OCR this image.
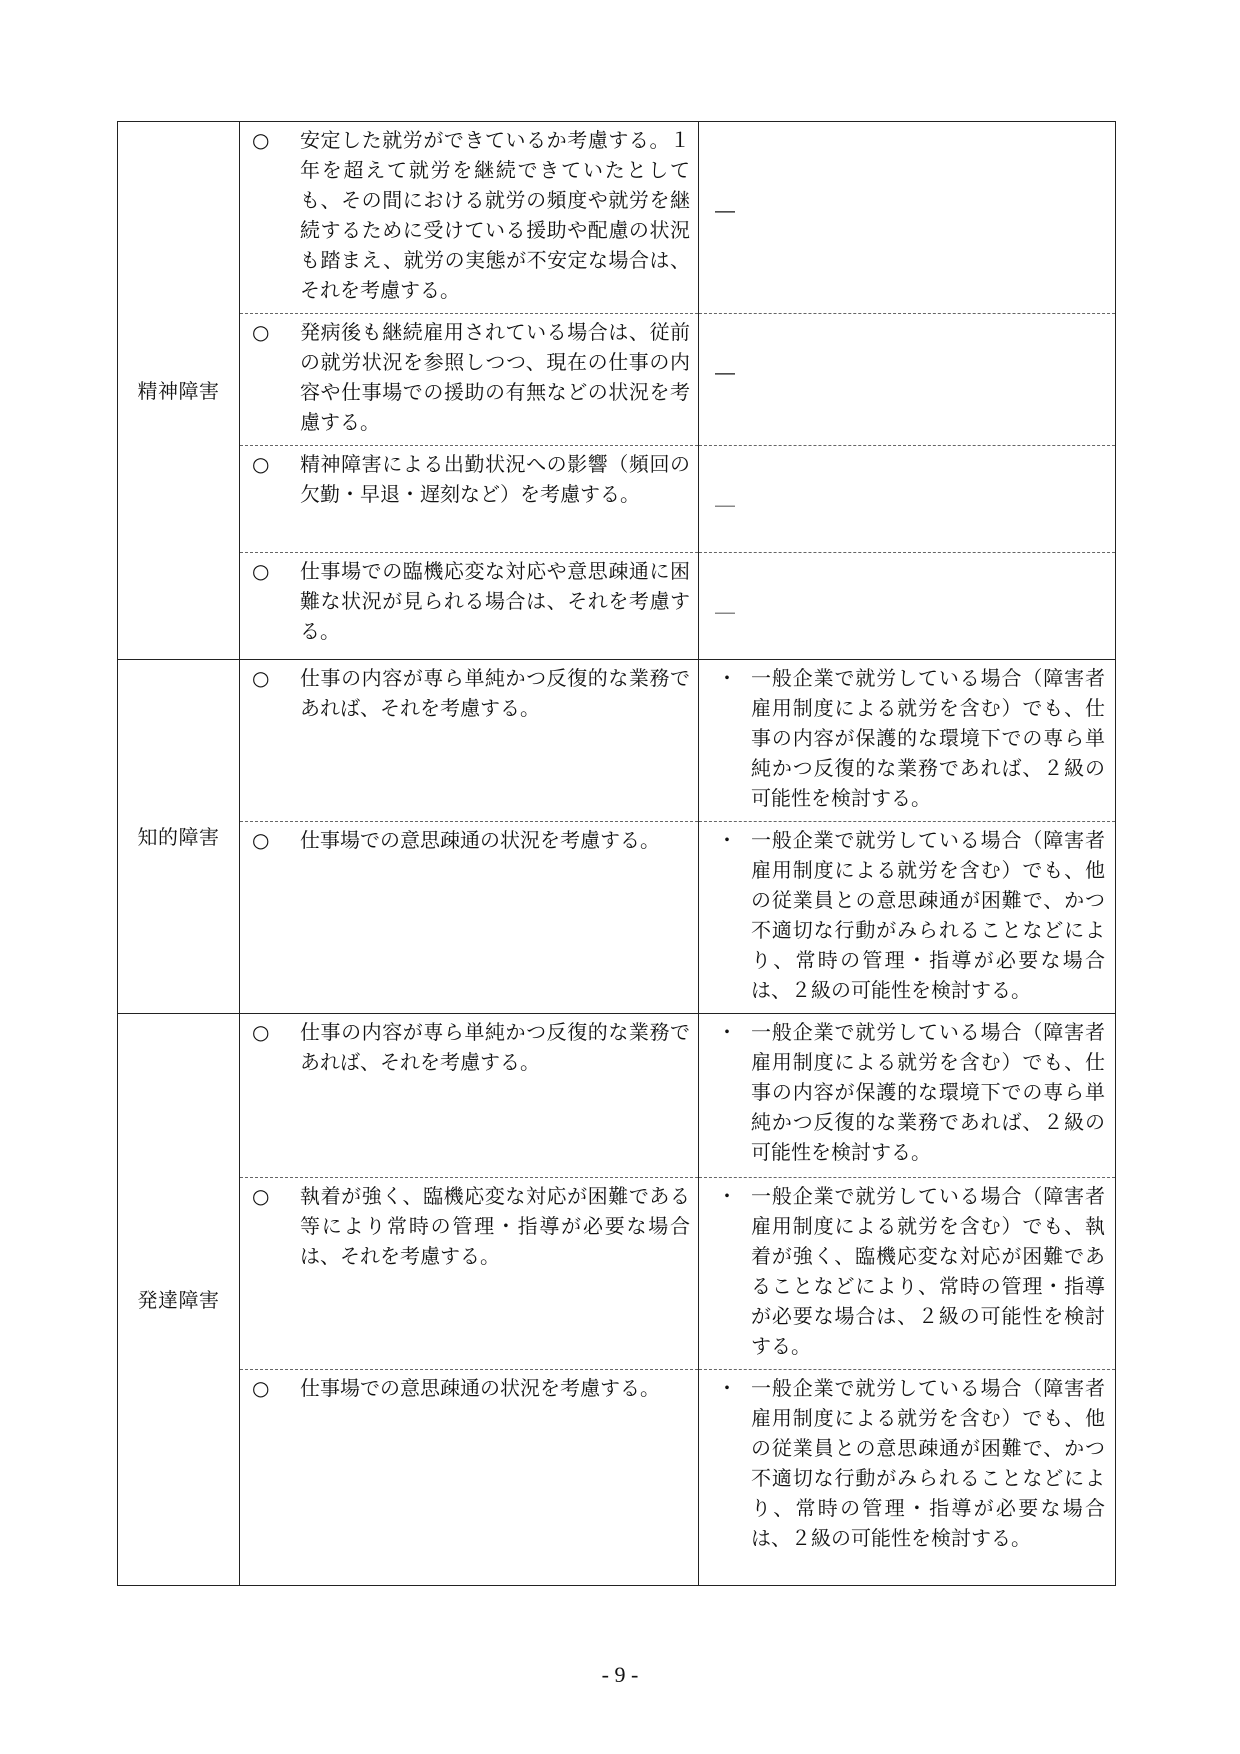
精神障害	○ 安定した就労ができているか考慮する。１年を超えて就労を継続できていたとしても、その間における就労の頻度や就労を継続するために受けている援助や配慮の状況も踏まえ、就労の実態が不安定な場合は、それを考慮する。	―

	○ 発病後も継続雇用されている場合は、従前の就労状況を参照しつつ、現在の仕事の内容や仕事場での援助の有無などの状況を考慮する。	―

	○ 精神障害による出勤状況への影響（頻回の欠勤・早退・遅刻など）を考慮する。	＿

	○ 仕事場での臨機応変な対応や意思疎通に困難な状況が見られる場合は、それを考慮する。	＿

知的障害	○ 仕事の内容が専ら単純かつ反復的な業務であれば、それを考慮する。	・ 一般企業で就労している場合（障害者雇用制度による就労を含む）でも、仕事の内容が保護的な環境下での専ら単純かつ反復的な業務であれば、２級の可能性を検討する。

	○ 仕事場での意思疎通の状況を考慮する。	・ 一般企業で就労している場合（障害者雇用制度による就労を含む）でも、他の従業員との意思疎通が困難で、かつ不適切な行動がみられることなどにより、常時の管理・指導が必要な場合は、２級の可能性を検討する。

発達障害	○ 仕事の内容が専ら単純かつ反復的な業務であれば、それを考慮する。	・ 一般企業で就労している場合（障害者雇用制度による就労を含む）でも、仕事の内容が保護的な環境下での専ら単純かつ反復的な業務であれば、２級の可能性を検討する。

	○ 執着が強く、臨機応変な対応が困難である等により常時の管理・指導が必要な場合は、それを考慮する。	・ 一般企業で就労している場合（障害者雇用制度による就労を含む）でも、執着が強く、臨機応変な対応が困難であることなどにより、常時の管理・指導が必要な場合は、２級の可能性を検討する。

	○ 仕事場での意思疎通の状況を考慮する。	・ 一般企業で就労している場合（障害者雇用制度による就労を含む）でも、他の従業員との意思疎通が困難で、かつ不適切な行動がみられることなどにより、常時の管理・指導が必要な場合は、２級の可能性を検討する。
- 9 -
